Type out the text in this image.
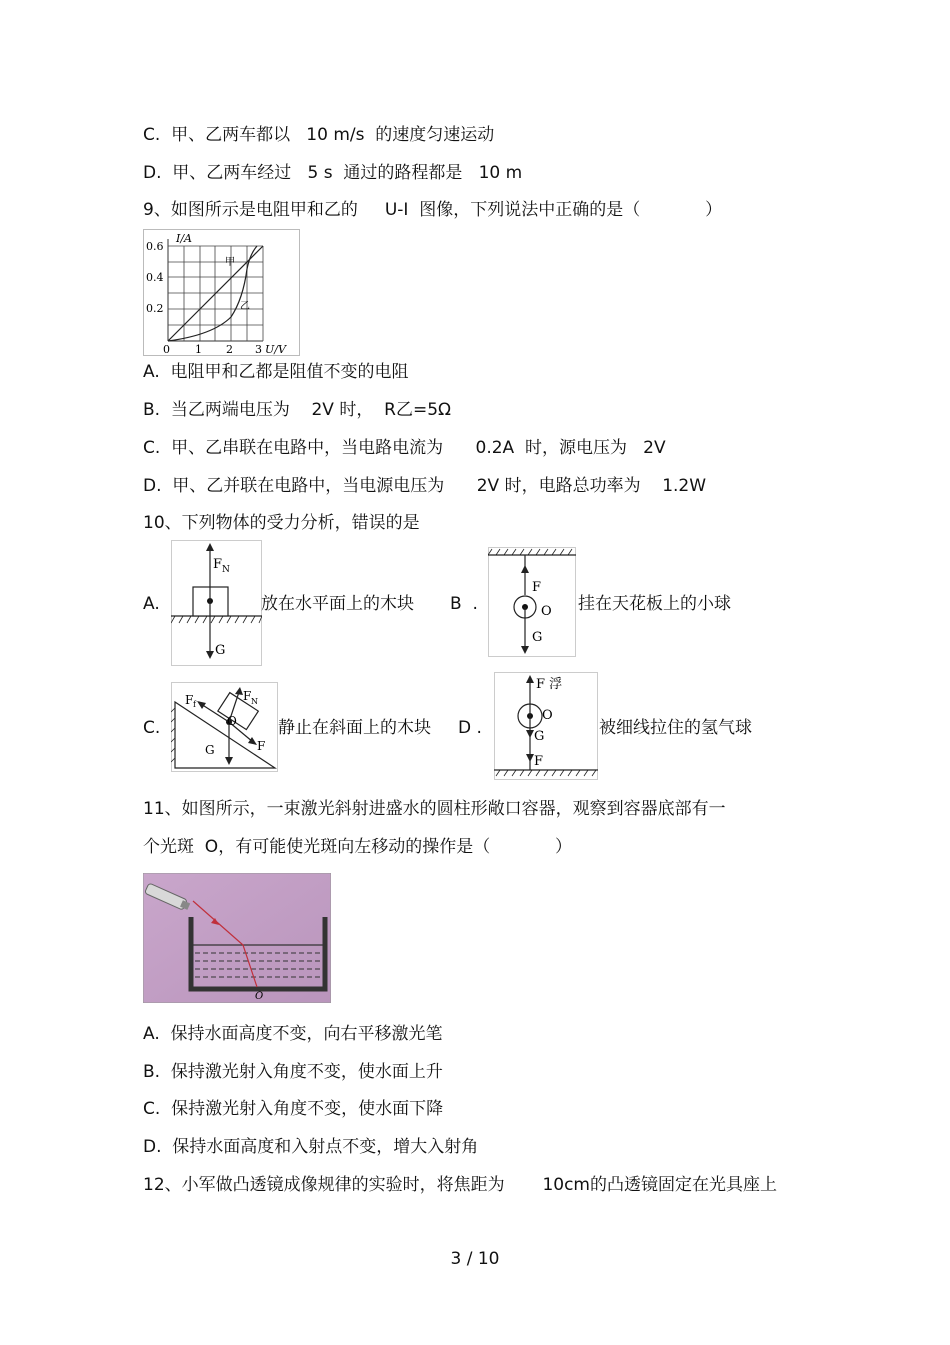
C.  甲、乙两车都以   10 m/s  的速度匀速运动
D.  甲、乙两车经过   5 s  通过的路程都是   10 m
9、如图所示是电阻甲和乙的     U-I  图像，下列说法中正确的是（            ）
I/A
U/V
0.6
0.4
0.2
0 1 2 3
甲
乙
A.  电阻甲和乙都是阻值不变的电阻
B.  当乙两端电压为    2V 时，  R乙=5Ω
C.  甲、乙串联在电路中，当电路电流为      0.2A  时，源电压为   2V
D.  甲、乙并联在电路中，当电源电压为      2V 时，电路总功率为    1.2W
10、下列物体的受力分析，错误的是
A.
F N
G
放在水平面上的木块 B  .
F
O
G
挂在天花板上的小球
C.
F f
F N
O
G	F
静止在斜面上的木块 D .
F 浮
O
G
F
被细线拉住的氢气球
11、如图所示，一束激光斜射进盛水的圆柱形敞口容器，观察到容器底部有一
个光斑  O，有可能使光斑向左移动的操作是（            ）
O
A.  保持水面高度不变，向右平移激光笔
B.  保持激光射入角度不变，使水面上升
C.  保持激光射入角度不变，使水面下降
D.  保持水面高度和入射点不变，增大入射角
12、小军做凸透镜成像规律的实验时，将焦距为       10cm的凸透镜固定在光具座上
3 / 10
